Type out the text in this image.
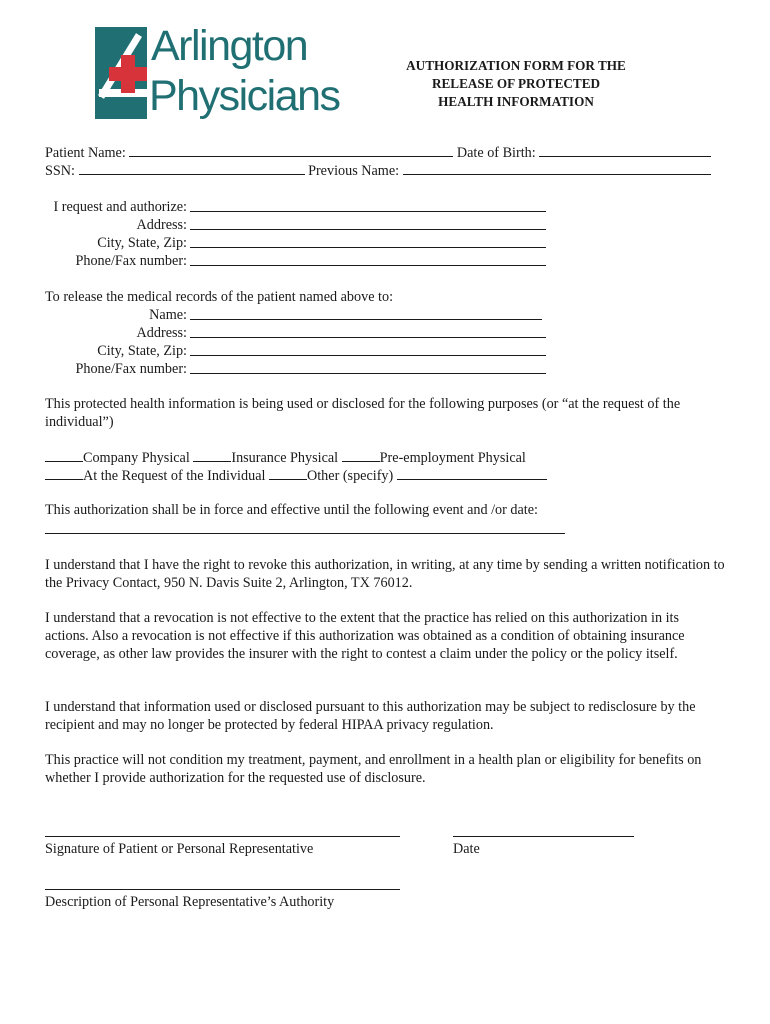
Arlington
Physicians
AUTHORIZATION FORM FOR THE
RELEASE OF PROTECTED
HEALTH INFORMATION
Patient Name:	Date of Birth:
SSN:	Previous Name:
I request and authorize:
Address:
City, State, Zip:
Phone/Fax number:
To release the medical records of the patient named above to:
Name:
Address:
City, State, Zip:
Phone/Fax number:
This protected health information is being used or disclosed for the following purposes (or “at the request of the individual”)
Company Physical	Insurance Physical	Pre-employment Physical
At the Request of the Individual	Other (specify)
This authorization shall be in force and effective until the following event and /or date:
I understand that I have the right to revoke this authorization, in writing, at any time by sending a written notification to the Privacy Contact, 950 N. Davis Suite 2, Arlington, TX 76012.
I understand that a revocation is not effective to the extent that the practice has relied on this authorization in its actions. Also a revocation is not effective if this authorization was obtained as a condition of obtaining insurance coverage, as other law provides the insurer with the right to contest a claim under the policy or the policy itself.
I understand that information used or disclosed pursuant to this authorization may be subject to redisclosure by the recipient and may no longer be protected by federal HIPAA privacy regulation.
This practice will not condition my treatment, payment, and enrollment in a health plan or eligibility for benefits on whether I provide authorization for the requested use of disclosure.
Signature of Patient or Personal Representative	Date
Description of Personal Representative’s Authority
